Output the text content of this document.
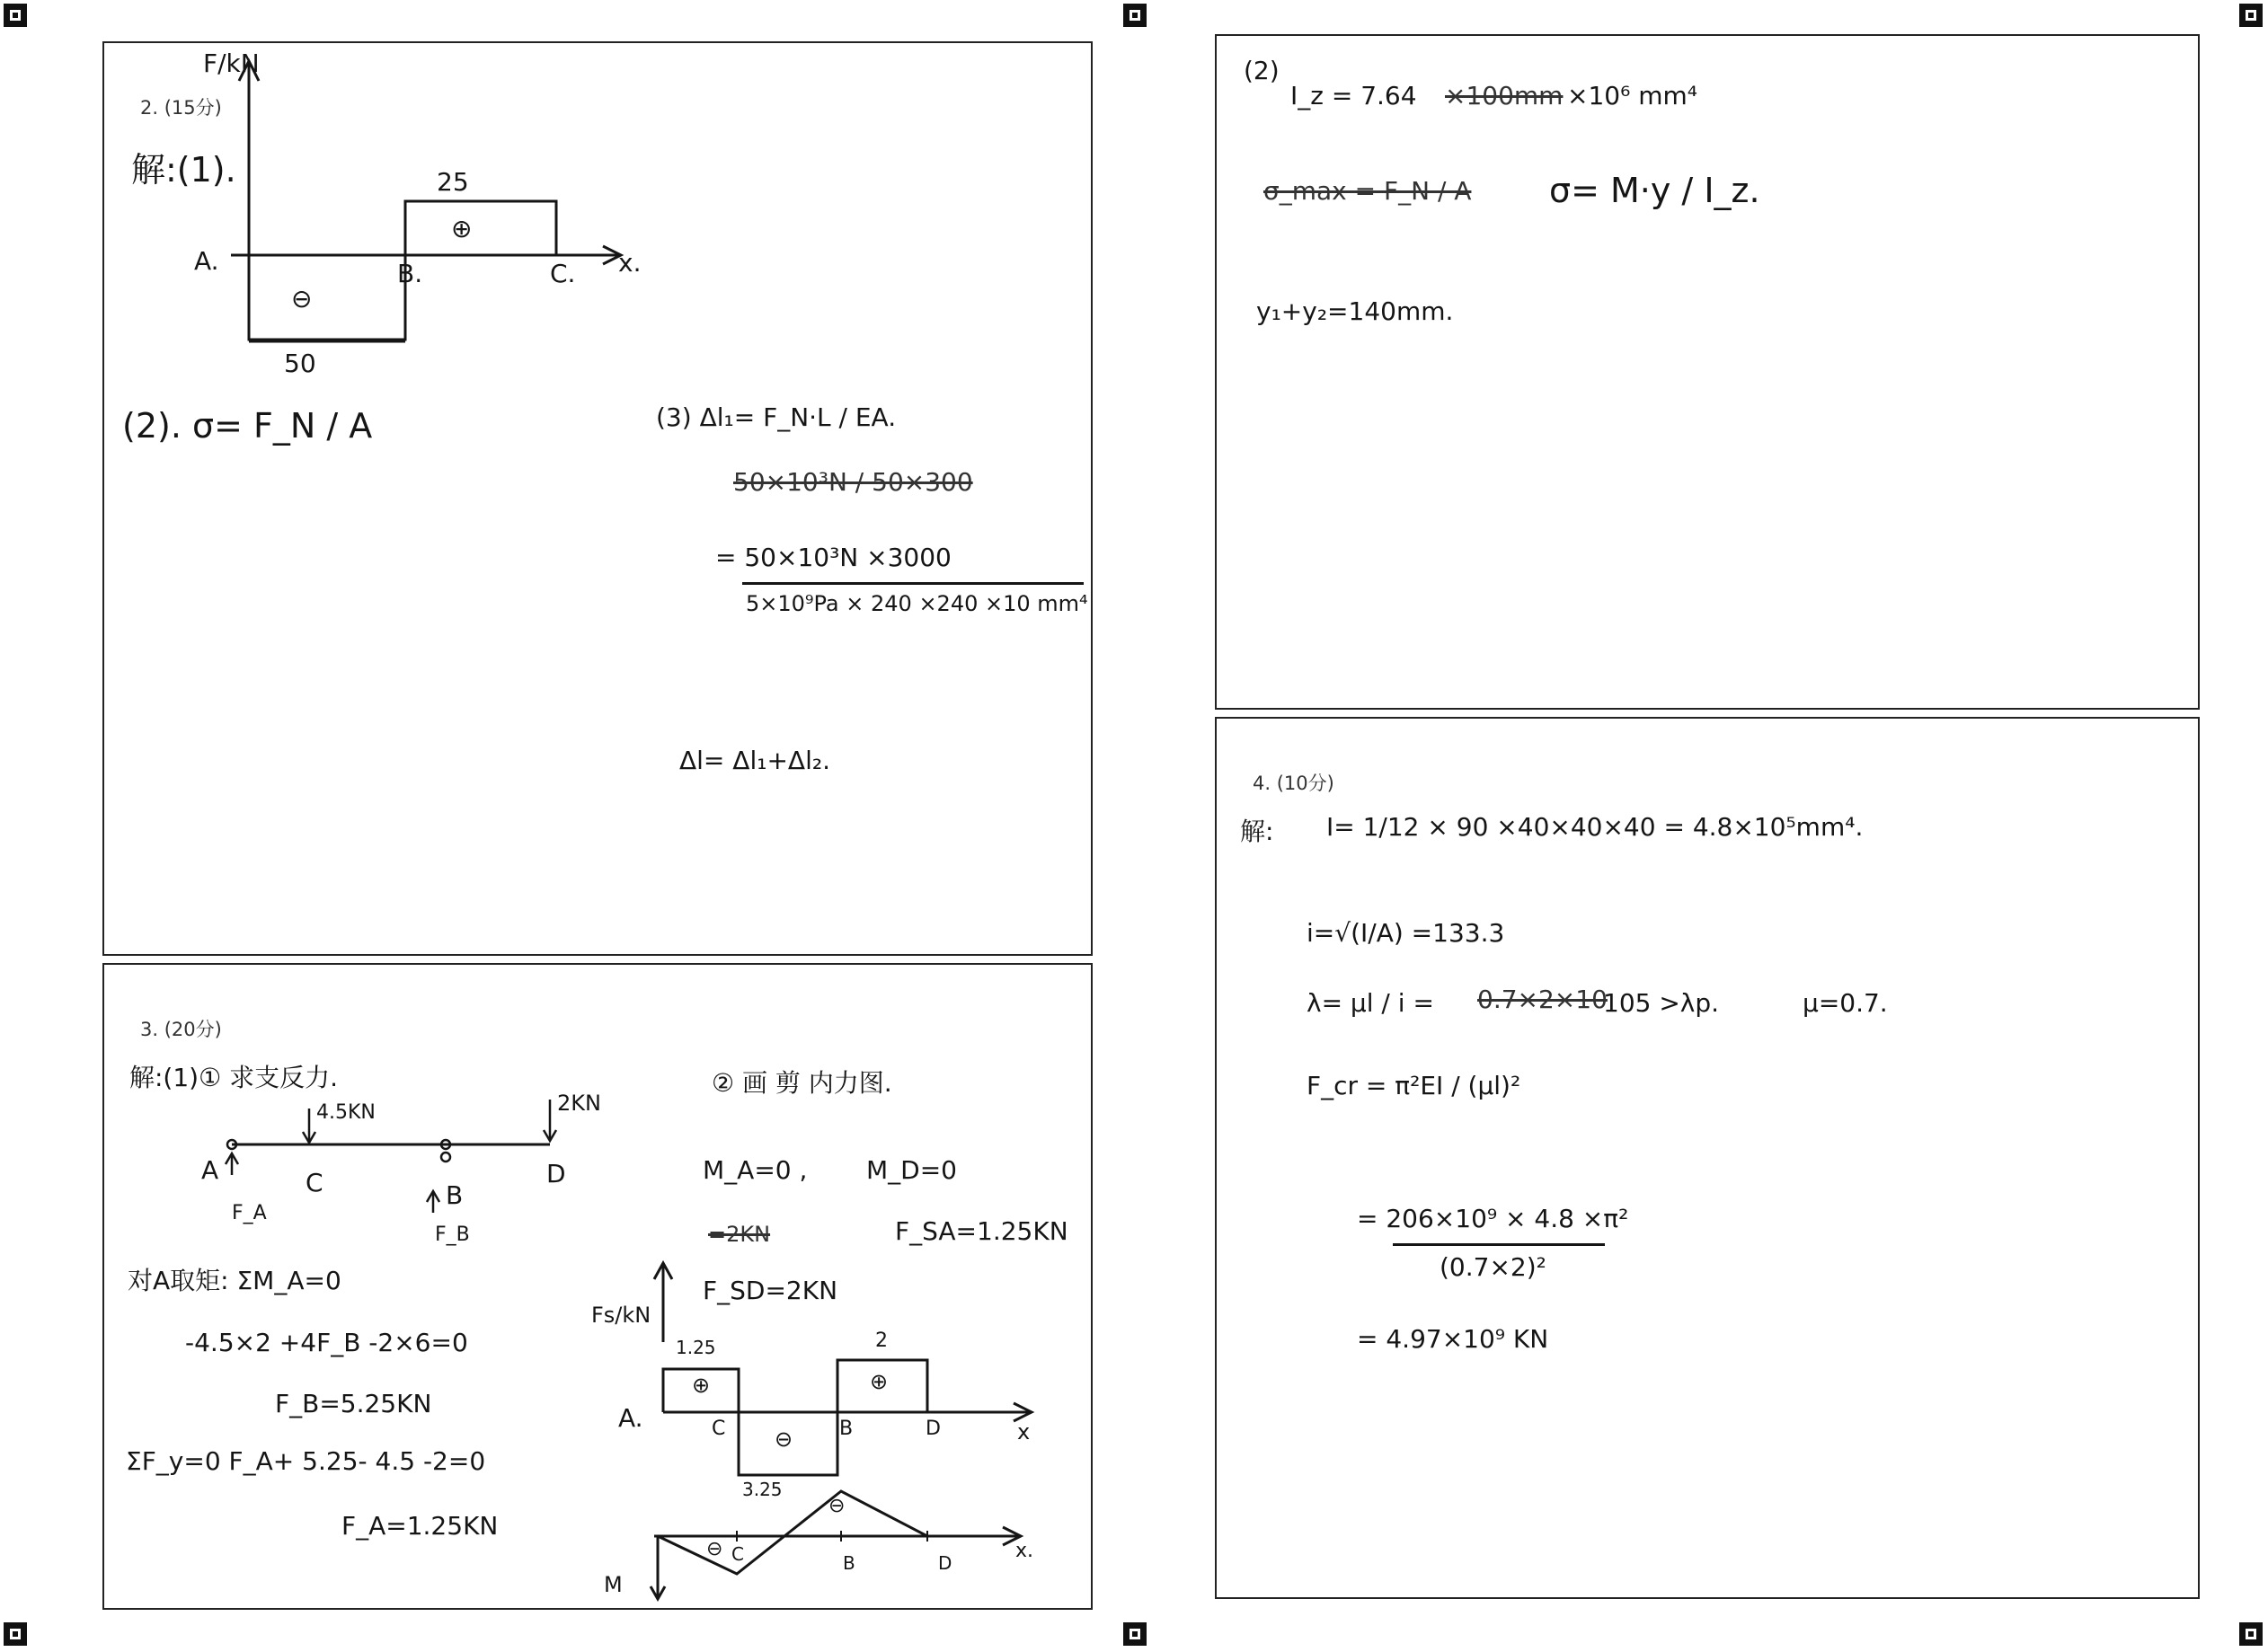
2. (15分)
F/kN
x.
解:(1).
A.	B.	C.
25
50
⊕
⊖
(2). σ= F_N / A	(3) Δl₁= F_N·L / EA.
50×10³N / 50×300
= 50×10³N ×3000
5×10⁹Pa × 240 ×240 ×10 mm⁴
Δl= Δl₁+Δl₂.
(2)
I_z = 7.64 ×100mm ×10⁶ mm⁴
σ_max = F_N / A σ= M·y / I_z.
y₁+y₂=140mm.
3. (20分)
解:(1)① 求支反力.
4.5KN	2KN
A	C	B
D
F_A
F_B
对A取矩: ΣM_A=0
-4.5×2 +4F_B -2×6=0
F_B=5.25KN
ΣF_y=0 F_A+ 5.25- 4.5 -2=0
F_A=1.25KN
② 画 剪 内力图.
M_A=0 , M_D=0
=2KN	F_SA=1.25KN
F_SD=2KN
Fs/kN
1.25
3.25
2
⊕
⊖
⊕
A.	C	B	D	x
M
⊖
⊖
C	B	D
x.
4. (10分)
解: I= 1/12 × 90 ×40×40×40 = 4.8×10⁵mm⁴.
i=√(I/A) =133.3
λ= μl / i = 0.7×2×10
105 >λp.	μ=0.7.
F_cr = π²EI / (μl)²
= 206×10⁹ × 4.8 ×π²
(0.7×2)²
= 4.97×10⁹ KN
